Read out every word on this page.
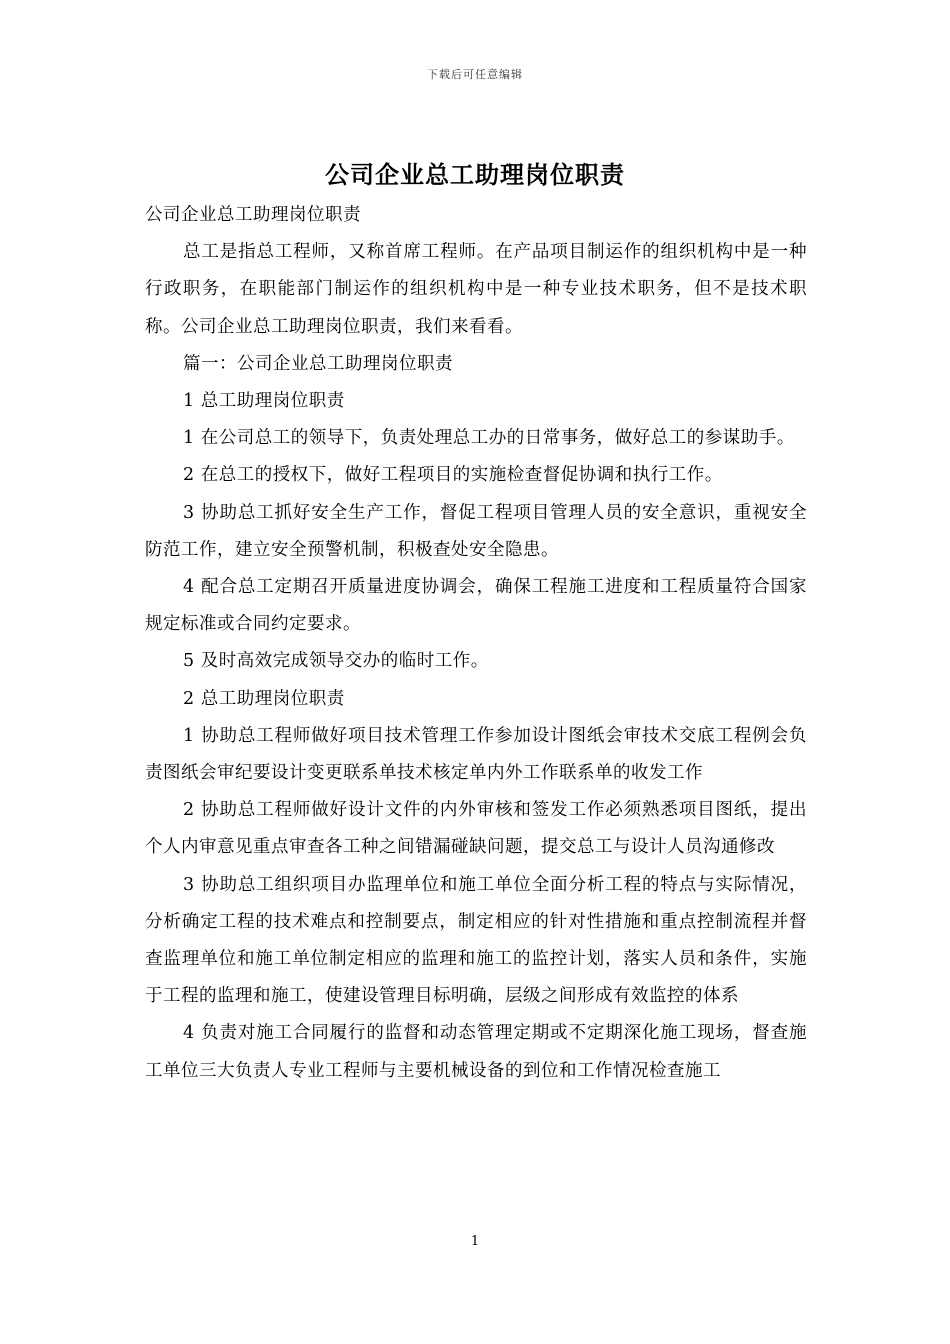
下载后可任意编辑
公司企业总工助理岗位职责

公司企业总工助理岗位职责

总工是指总工程师，又称首席工程师。在产品项目制运作的组织机构中是一种行政职务，在职能部门制运作的组织机构中是一种专业技术职务，但不是技术职称。公司企业总工助理岗位职责，我们来看看。

篇一：公司企业总工助理岗位职责

1 总工助理岗位职责

1 在公司总工的领导下，负责处理总工办的日常事务，做好总工的参谋助手。

2 在总工的授权下，做好工程项目的实施检查督促协调和执行工作。

3 协助总工抓好安全生产工作，督促工程项目管理人员的安全意识，重视安全防范工作，建立安全预警机制，积极查处安全隐患。

4 配合总工定期召开质量进度协调会，确保工程施工进度和工程质量符合国家规定标准或合同约定要求。

5 及时高效完成领导交办的临时工作。

2 总工助理岗位职责

1 协助总工程师做好项目技术管理工作参加设计图纸会审技术交底工程例会负责图纸会审纪要设计变更联系单技术核定单内外工作联系单的收发工作

2 协助总工程师做好设计文件的内外审核和签发工作必须熟悉项目图纸，提出个人内审意见重点审查各工种之间错漏碰缺问题，提交总工与设计人员沟通修改

3 协助总工组织项目办监理单位和施工单位全面分析工程的特点与实际情况，分析确定工程的技术难点和控制要点，制定相应的针对性措施和重点控制流程并督查监理单位和施工单位制定相应的监理和施工的监控计划，落实人员和条件，实施于工程的监理和施工，使建设管理目标明确，层级之间形成有效监控的体系

4 负责对施工合同履行的监督和动态管理定期或不定期深化施工现场，督查施工单位三大负责人专业工程师与主要机械设备的到位和工作情况检查施工

1
